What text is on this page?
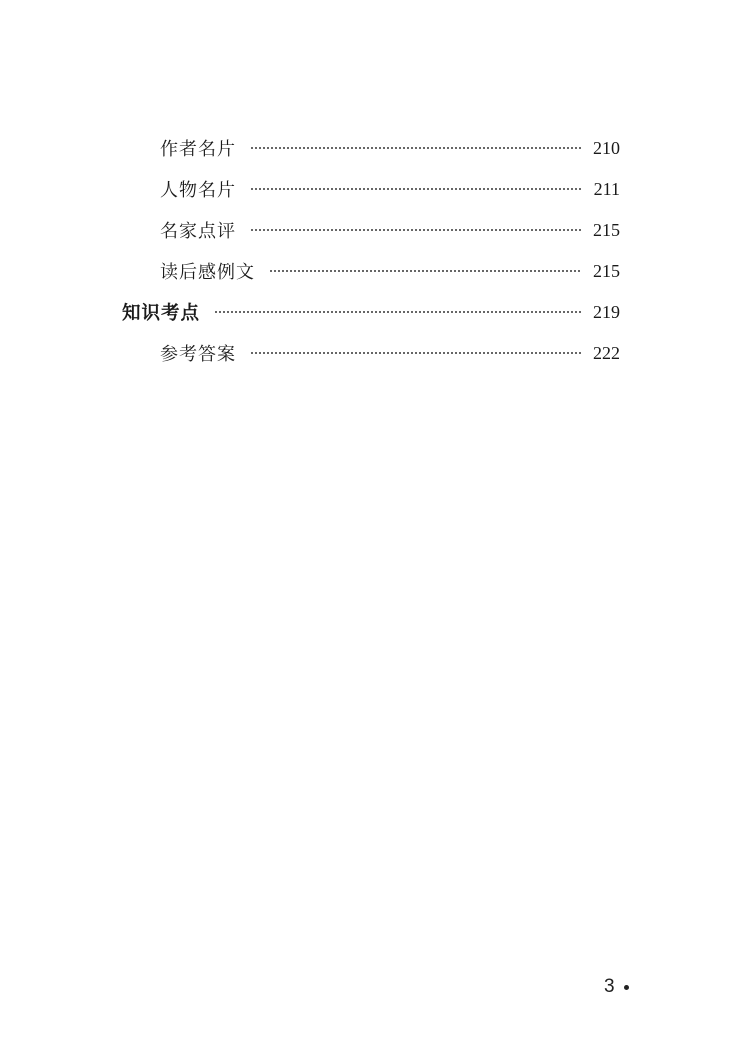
作者名片	210
人物名片	211
名家点评	215
读后感例文	215
知识考点	219
参考答案	222
3
